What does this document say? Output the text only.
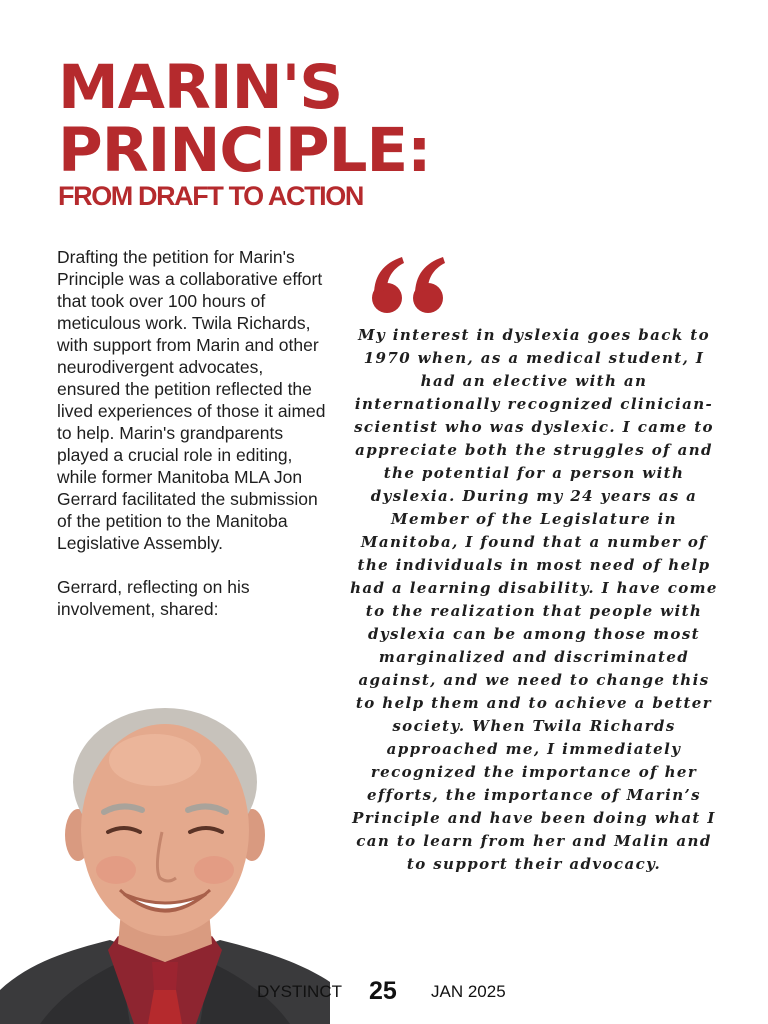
MARIN'S
PRINCIPLE:
FROM DRAFT TO ACTION

Drafting the petition for Marin's Principle was a collaborative effort that took over 100 hours of meticulous work. Twila Richards, with support from Marin and other neurodivergent advocates, ensured the petition reflected the lived experiences of those it aimed to help. Marin's grandparents played a crucial role in editing, while former Manitoba MLA Jon Gerrard facilitated the submission of the petition to the Manitoba Legislative Assembly.

Gerrard, reflecting on his involvement, shared:

My interest in dyslexia goes back to 1970 when, as a medical student, I had an elective with an internationally recognized clinician-scientist who was dyslexic. I came to appreciate both the struggles of and the potential for a person with dyslexia. During my 24 years as a Member of the Legislature in Manitoba, I found that a number of the individuals in most need of help had a learning disability. I have come to the realization that people with dyslexia can be among those most marginalized and discriminated against, and we need to change this to help them and to achieve a better society. When Twila Richards approached me, I immediately recognized the importance of her efforts, the importance of Marin’s Principle and have been doing what I can to learn from her and Malin and to support their advocacy.

DYSTINCT 25 JAN 2025
